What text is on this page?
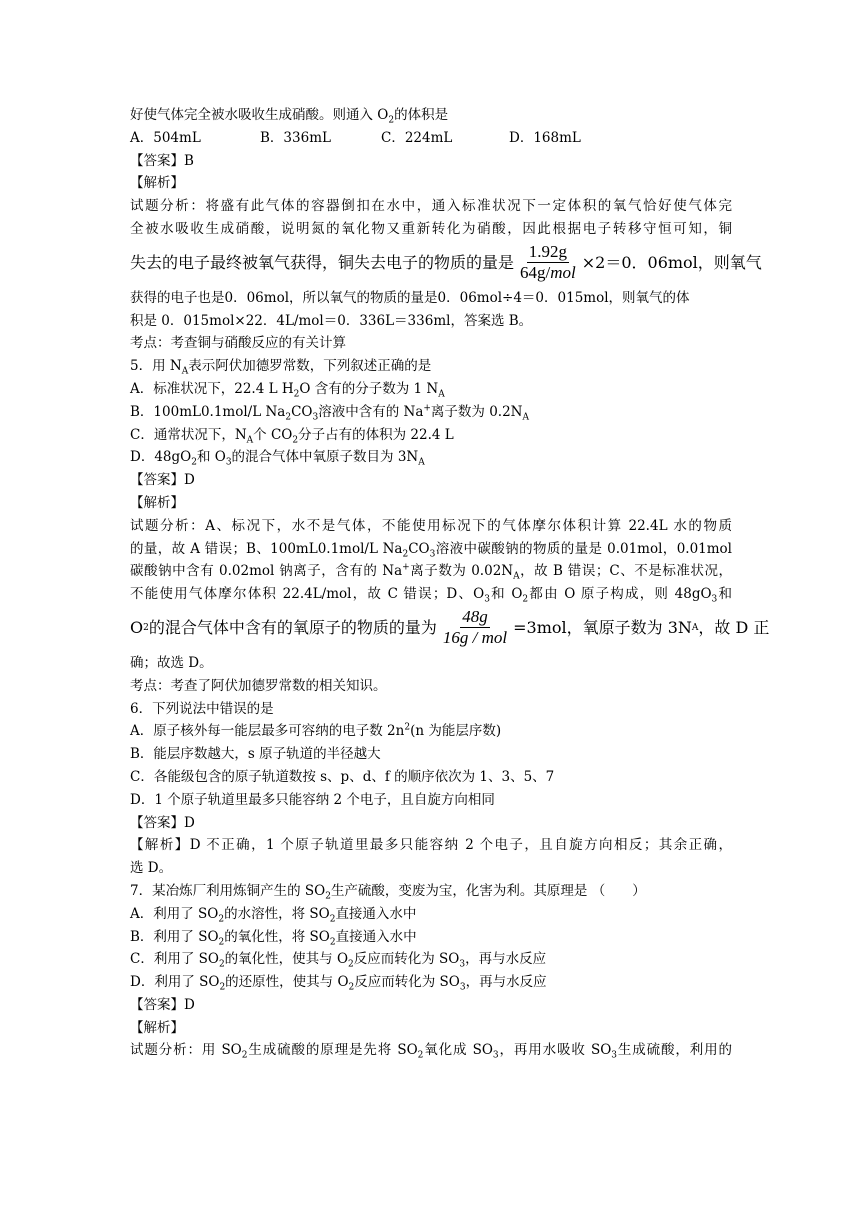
好使气体完全被水吸收生成硝酸。则通入 $O_2$的体积是
A．504mL	B．336mL	C．224mL	D．168mL
【答案】B
【解析】
试题分析：将盛有此气体的容器倒扣在水中，通入标准状况下一定体积的氧气恰好使气体完
全被水吸收生成硝酸，说明氮的氧化物又重新转化为硝酸，因此根据电子转移守恒可知，铜
失去的电子最终被氧气获得，铜失去电子的物质的量是 $\frac{1.92g}{\text{64g/mol}} \times 2=0$．06mol，则氧气
获得的电子也是0．06mol，所以氧气的物质的量是0．06mol÷4＝0．015mol，则氧气的体
积是 0．015mol×22．4L/mol＝0．336L＝336ml，答案选 B。
考点：考查铜与硝酸反应的有关计算
5．用 $N_A$表示阿伏加德罗常数，下列叙述正确的是
A．标准状况下，22.4 L $H_2O$ 含有的分子数为 1 $N_A$
B．100mL0.1mol/L $Na_2CO_3$溶液中含有的 Na+离子数为 $0.2N_A$
C．通常状况下，$N_A$个 $CO_2$分子占有的体积为 22.4 L
D．$48gO_2$和 $O_3$的混合气体中氧原子数目为 $3N_A$
【答案】D
【解析】
试题分析：A、标况下，水不是气体，不能使用标况下的气体摩尔体积计算 22.4L 水的物质
的量，故 A 错误；B、100mL0.1mol/L $Na_2CO_3$溶液中碳酸钠的物质的量是 0.01mol，0.01mol
碳酸钠中含有 0.02mol 钠离子，含有的 Na+离子数为 $0.02N_A$，故 B 错误；C、不是标准状况，
不能使用气体摩尔体积 22.4L/mol，故 C 错误；D、$O_3$和 $O_2$都由 O 原子构成，则 $48gO_3$和
O 2 的混合气体中含有的氧原子的物质的量为 $\frac{48g}{\text{16g / mol}} =3mol$，氧原子数为 3N A ，故 D 正
确；故选 D。
考点：考查了阿伏加德罗常数的相关知识。
6．下列说法中错误的是
A．原子核外每一能层最多可容纳的电子数 $2n^2(n$ 为能层序数)
B．能层序数越大，s 原子轨道的半径越大
C．各能级包含的原子轨道数按 s、p、d、f 的顺序依次为 1、3、5、7
D．1 个原子轨道里最多只能容纳 2 个电子，且自旋方向相同
【答案】D
【解析】D 不正确，1 个原子轨道里最多只能容纳 2 个电子，且自旋方向相反；其余正确，
选 D。
7．某冶炼厂利用炼铜产生的 $SO_2$生产硫酸，变废为宝，化害为利。其原理是 （　　）
A．利用了 $SO_2$的水溶性，将 $SO_2$直接通入水中
B．利用了 $SO_2$的氧化性，将 $SO_2$直接通入水中
C．利用了 $SO_2$的氧化性，使其与 $O_2$反应而转化为 $SO_3$，再与水反应
D．利用了 $SO_2$的还原性，使其与 $O_2$反应而转化为 $SO_3$，再与水反应
【答案】D
【解析】
试题分析：用 $SO_2$生成硫酸的原理是先将 $SO_2$氧化成 $SO_3$，再用水吸收 $SO_3$生成硫酸，利用的
